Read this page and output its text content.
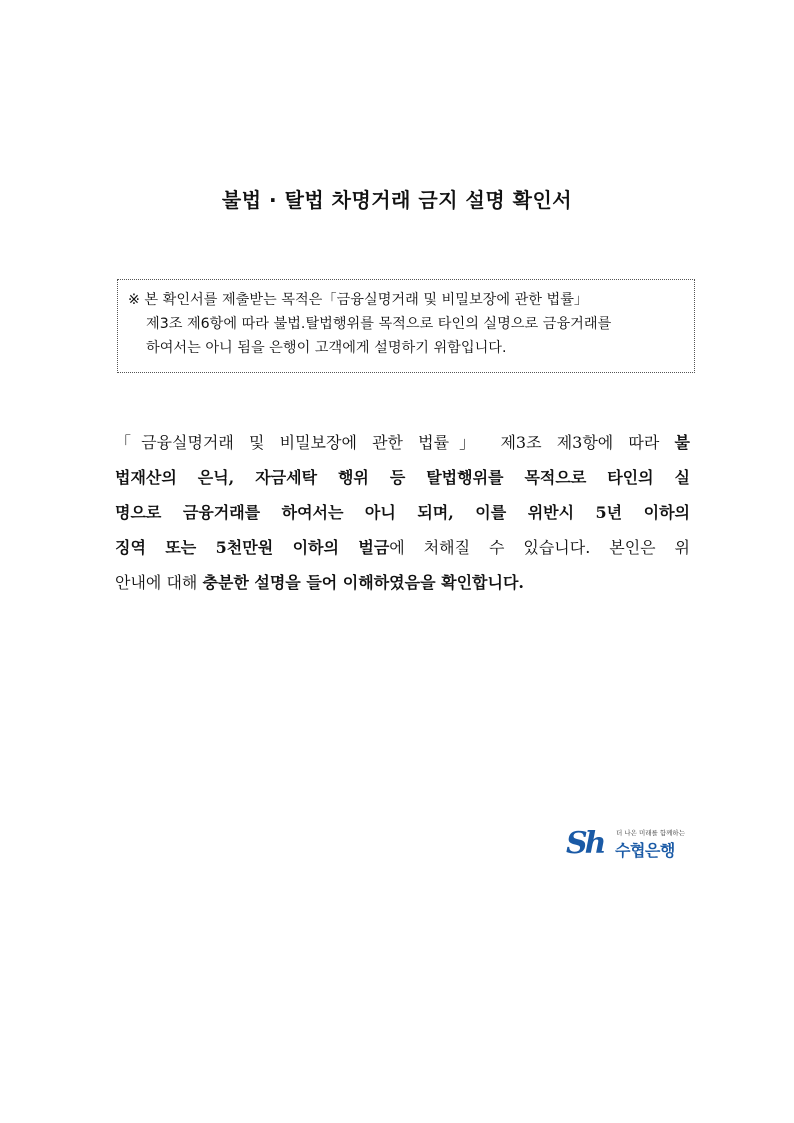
불법 · 탈법 차명거래 금지 설명 확인서
※ 본 확인서를 제출받는 목적은「금융실명거래 및 비밀보장에 관한 법률」
제3조 제6항에 따라 불법.탈법행위를 목적으로 타인의 실명으로 금융거래를
하여서는 아니 됨을 은행이 고객에게 설명하기 위함입니다.
「금융실명거래 및 비밀보장에 관한 법률」 제3조 제3항에 따라 불
법재산의 은닉, 자금세탁 행위 등 탈법행위를 목적으로 타인의 실
명으로 금융거래를 하여서는 아니 되며, 이를 위반시 5년 이하의
징역 또는 5천만원 이하의 벌금에 처해질 수 있습니다. 본인은 위
안내에 대해 충분한 설명을 들어 이해하였음을 확인합니다.
Sh	더 나은 미래를 함께하는
수협은행
